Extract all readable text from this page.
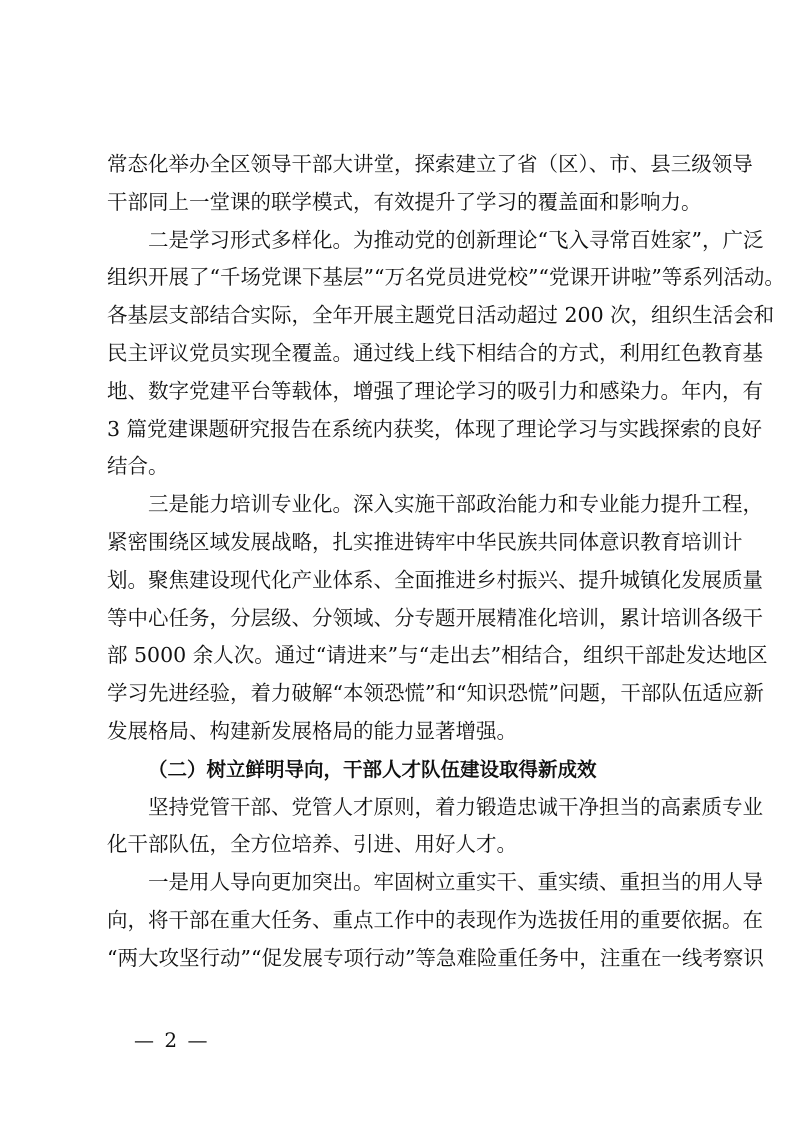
常态化举办全区领导干部大讲堂，探索建立了省（区）、市、县三级领导
干部同上一堂课的联学模式，有效提升了学习的覆盖面和影响力。
二是学习形式多样化。为推动党的创新理论“飞入寻常百姓家”，广泛
组织开展了“千场党课下基层”“万名党员进党校”“党课开讲啦”等系列活动。
各基层支部结合实际，全年开展主题党日活动超过 200 次，组织生活会和
民主评议党员实现全覆盖。通过线上线下相结合的方式，利用红色教育基
地、数字党建平台等载体，增强了理论学习的吸引力和感染力。年内，有
3 篇党建课题研究报告在系统内获奖，体现了理论学习与实践探索的良好
结合。
三是能力培训专业化。深入实施干部政治能力和专业能力提升工程，
紧密围绕区域发展战略，扎实推进铸牢中华民族共同体意识教育培训计
划。聚焦建设现代化产业体系、全面推进乡村振兴、提升城镇化发展质量
等中心任务，分层级、分领域、分专题开展精准化培训，累计培训各级干
部 5000 余人次。通过“请进来”与“走出去”相结合，组织干部赴发达地区
学习先进经验，着力破解“本领恐慌”和“知识恐慌”问题，干部队伍适应新
发展格局、构建新发展格局的能力显著增强。
（二）树立鲜明导向，干部人才队伍建设取得新成效
坚持党管干部、党管人才原则，着力锻造忠诚干净担当的高素质专业
化干部队伍，全方位培养、引进、用好人才。
一是用人导向更加突出。牢固树立重实干、重实绩、重担当的用人导
向，将干部在重大任务、重点工作中的表现作为选拔任用的重要依据。在
“两大攻坚行动”“促发展专项行动”等急难险重任务中，注重在一线考察识
— 2 —
